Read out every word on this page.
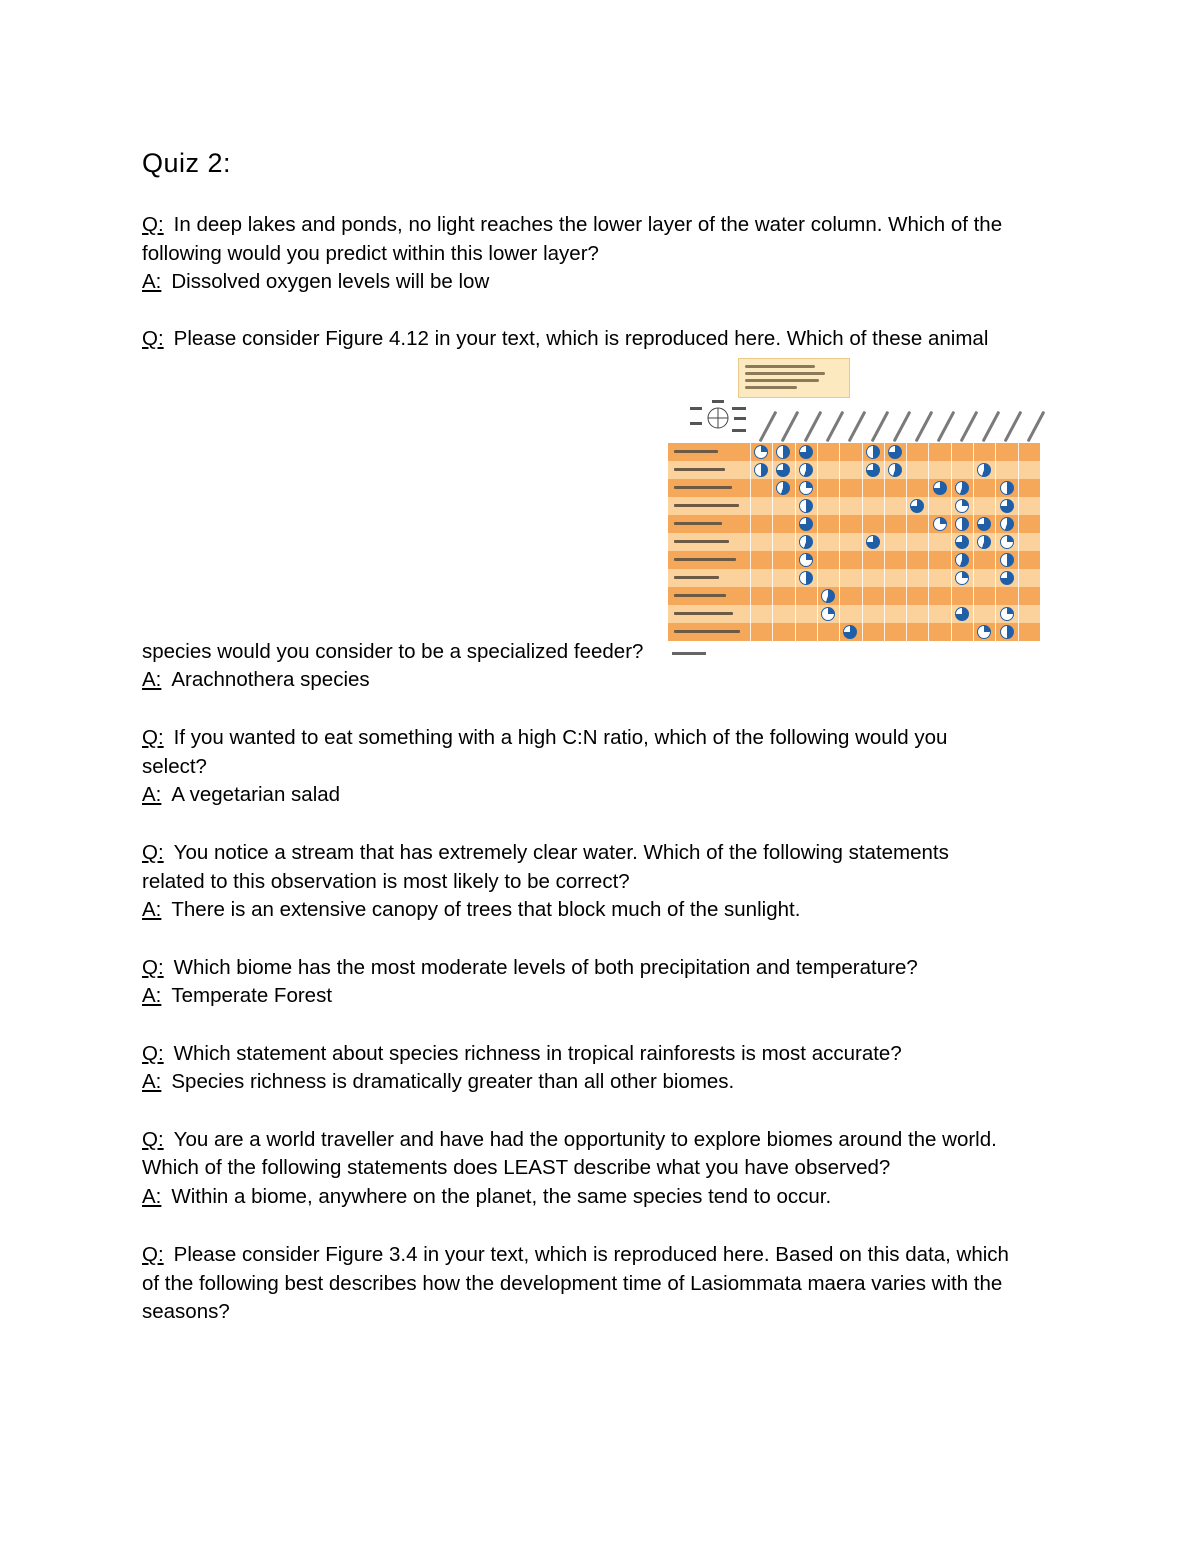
Quiz 2:
Q: In deep lakes and ponds, no light reaches the lower layer of the water column. Which of the
following would you predict within this lower layer?
A: Dissolved oxygen levels will be low
Q: Please consider Figure 4.12 in your text, which is reproduced here. Which of these animal
species would you consider to be a specialized feeder?
A: Arachnothera species
Q: If you wanted to eat something with a high C:N ratio, which of the following would you
select?
A: A vegetarian salad
Q: You notice a stream that has extremely clear water. Which of the following statements
related to this observation is most likely to be correct?
A: There is an extensive canopy of trees that block much of the sunlight.
Q: Which biome has the most moderate levels of both precipitation and temperature?
A: Temperate Forest
Q: Which statement about species richness in tropical rainforests is most accurate?
A: Species richness is dramatically greater than all other biomes.
Q: You are a world traveller and have had the opportunity to explore biomes around the world.
Which of the following statements does LEAST describe what you have observed?
A: Within a biome, anywhere on the planet, the same species tend to occur.
Q: Please consider Figure 3.4 in your text, which is reproduced here. Based on this data, which
of the following best describes how the development time of Lasiommata maera varies with the
seasons?
